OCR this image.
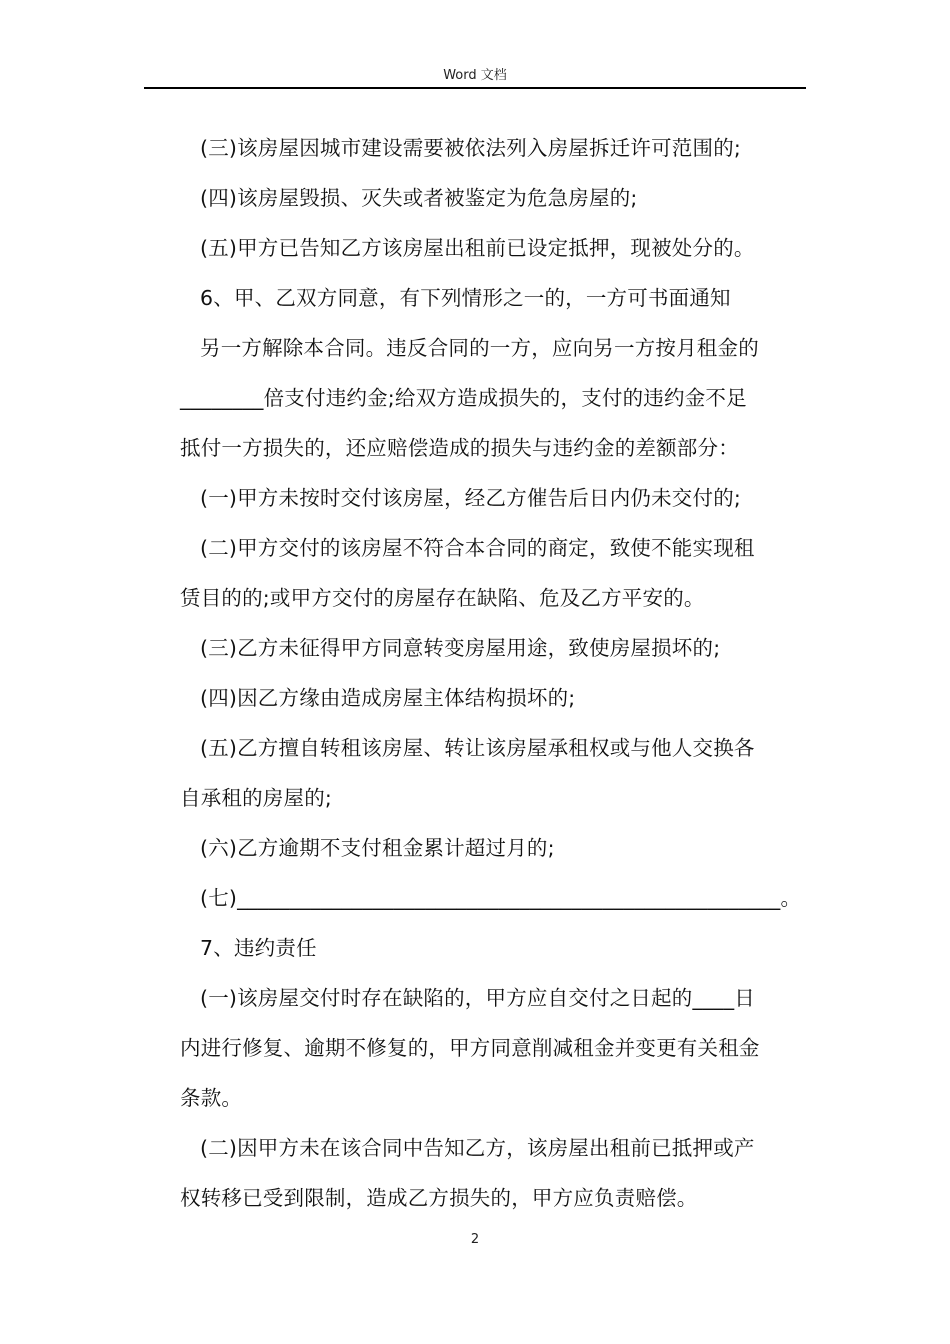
Word 文档
(三)该房屋因城市建设需要被依法列入房屋拆迁许可范围的;
(四)该房屋毁损、灭失或者被鉴定为危急房屋的;
(五)甲方已告知乙方该房屋出租前已设定抵押，现被处分的。
6、甲、乙双方同意，有下列情形之一的，一方可书面通知
另一方解除本合同。违反合同的一方，应向另一方按月租金的
________倍支付违约金;给双方造成损失的，支付的违约金不足
抵付一方损失的，还应赔偿造成的损失与违约金的差额部分：
(一)甲方未按时交付该房屋，经乙方催告后日内仍未交付的;
(二)甲方交付的该房屋不符合本合同的商定，致使不能实现租
赁目的的;或甲方交付的房屋存在缺陷、危及乙方平安的。
(三)乙方未征得甲方同意转变房屋用途，致使房屋损坏的;
(四)因乙方缘由造成房屋主体结构损坏的;
(五)乙方擅自转租该房屋、转让该房屋承租权或与他人交换各
自承租的房屋的;
(六)乙方逾期不支付租金累计超过月的;
(七)____________________________________________________。
7、违约责任
(一)该房屋交付时存在缺陷的，甲方应自交付之日起的____日
内进行修复、逾期不修复的，甲方同意削减租金并变更有关租金
条款。
(二)因甲方未在该合同中告知乙方，该房屋出租前已抵押或产
权转移已受到限制，造成乙方损失的，甲方应负责赔偿。
2
